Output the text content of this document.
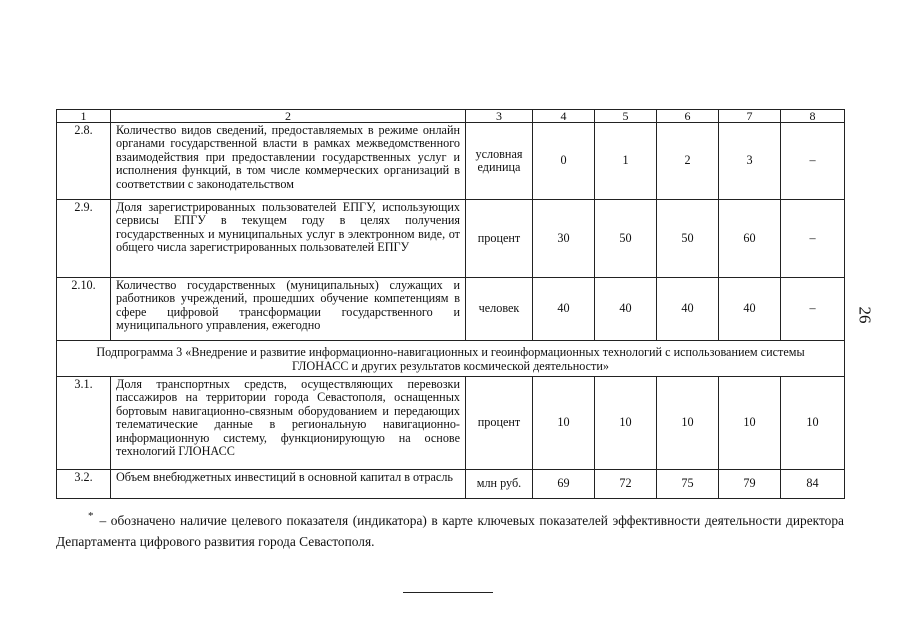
1	2	3	4	5	6	7	8
2.8.	Количество видов сведений, предоставляемых в режиме онлайн органами государственной власти в рамках межведомственного взаимодействия при предоставлении государственных услуг и исполнения функций, в том числе коммерческих организаций в соответствии с законодательством	условная единица	0	1	2	3	–
2.9.	Доля зарегистрированных пользователей ЕПГУ, использующих сервисы ЕПГУ в текущем году в целях получения государственных и муниципальных услуг в электронном виде, от общего числа зарегистрированных пользователей ЕПГУ	процент	30	50	50	60	–
2.10.	Количество государственных (муниципальных) служащих и работников учреждений, прошедших обучение компетенциям в сфере цифровой трансформации государственного и муниципального управления, ежегодно	человек	40	40	40	40	–
Подпрограмма 3 «Внедрение и развитие информационно-навигационных и геоинформационных технологий с использованием системы ГЛОНАСС и других результатов космической деятельности»							
3.1.	Доля транспортных средств, осуществляющих перевозки пассажиров на территории города Севастополя, оснащенных бортовым навигационно-связным оборудованием и передающих телематические данные в региональную навигационно-информационную систему, функционирующую на основе технологий ГЛОНАСС	процент	10	10	10	10	10
3.2.	Объем внебюджетных инвестиций в основной капитал в отрасль	млн руб.	69	72	75	79	84
* – обозначено наличие целевого показателя (индикатора) в карте ключевых показателей эффективности деятельности директора Департамента цифрового развития города Севастополя.
26
